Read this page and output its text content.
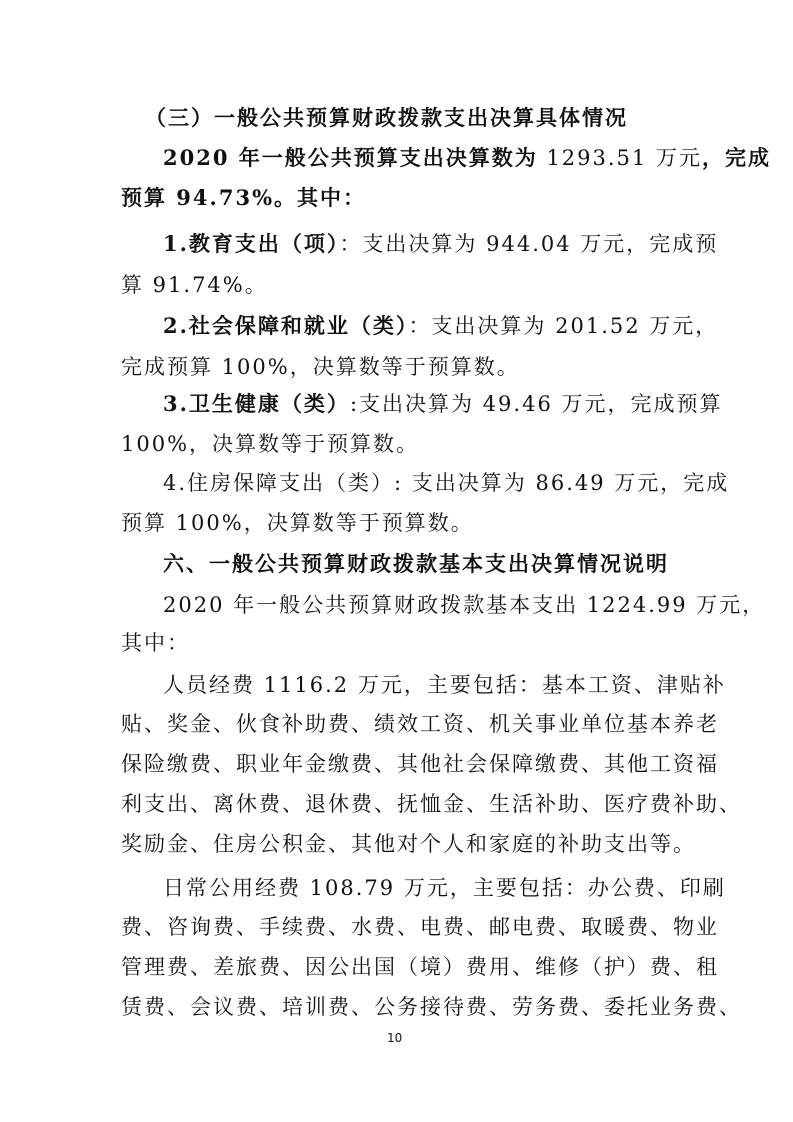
（三）一般公共预算财政拨款支出决算具体情况
2020 年一般公共预算支出决算数为 1293.51 万元，完成
预算 94.73%。其中：
1.教育支出（项）：支出决算为 944.04 万元，完成预
算 91.74%。
2.社会保障和就业（类）：支出决算为 201.52 万元，
完成预算 100%，决算数等于预算数。
3.卫生健康（类）:支出决算为 49.46 万元，完成预算
100%，决算数等于预算数。
4.住房保障支出（类）: 支出决算为 86.49 万元，完成
预算 100%，决算数等于预算数。
六、一般公共预算财政拨款基本支出决算情况说明
2020 年一般公共预算财政拨款基本支出 1224.99 万元，
其中：
人员经费 1116.2 万元，主要包括：基本工资、津贴补
贴、奖金、伙食补助费、绩效工资、机关事业单位基本养老
保险缴费、职业年金缴费、其他社会保障缴费、其他工资福
利支出、离休费、退休费、抚恤金、生活补助、医疗费补助、
奖励金、住房公积金、其他对个人和家庭的补助支出等。
日常公用经费 108.79 万元，主要包括：办公费、印刷
费、咨询费、手续费、水费、电费、邮电费、取暖费、物业
管理费、差旅费、因公出国（境）费用、维修（护）费、租
赁费、会议费、培训费、公务接待费、劳务费、委托业务费、
10
